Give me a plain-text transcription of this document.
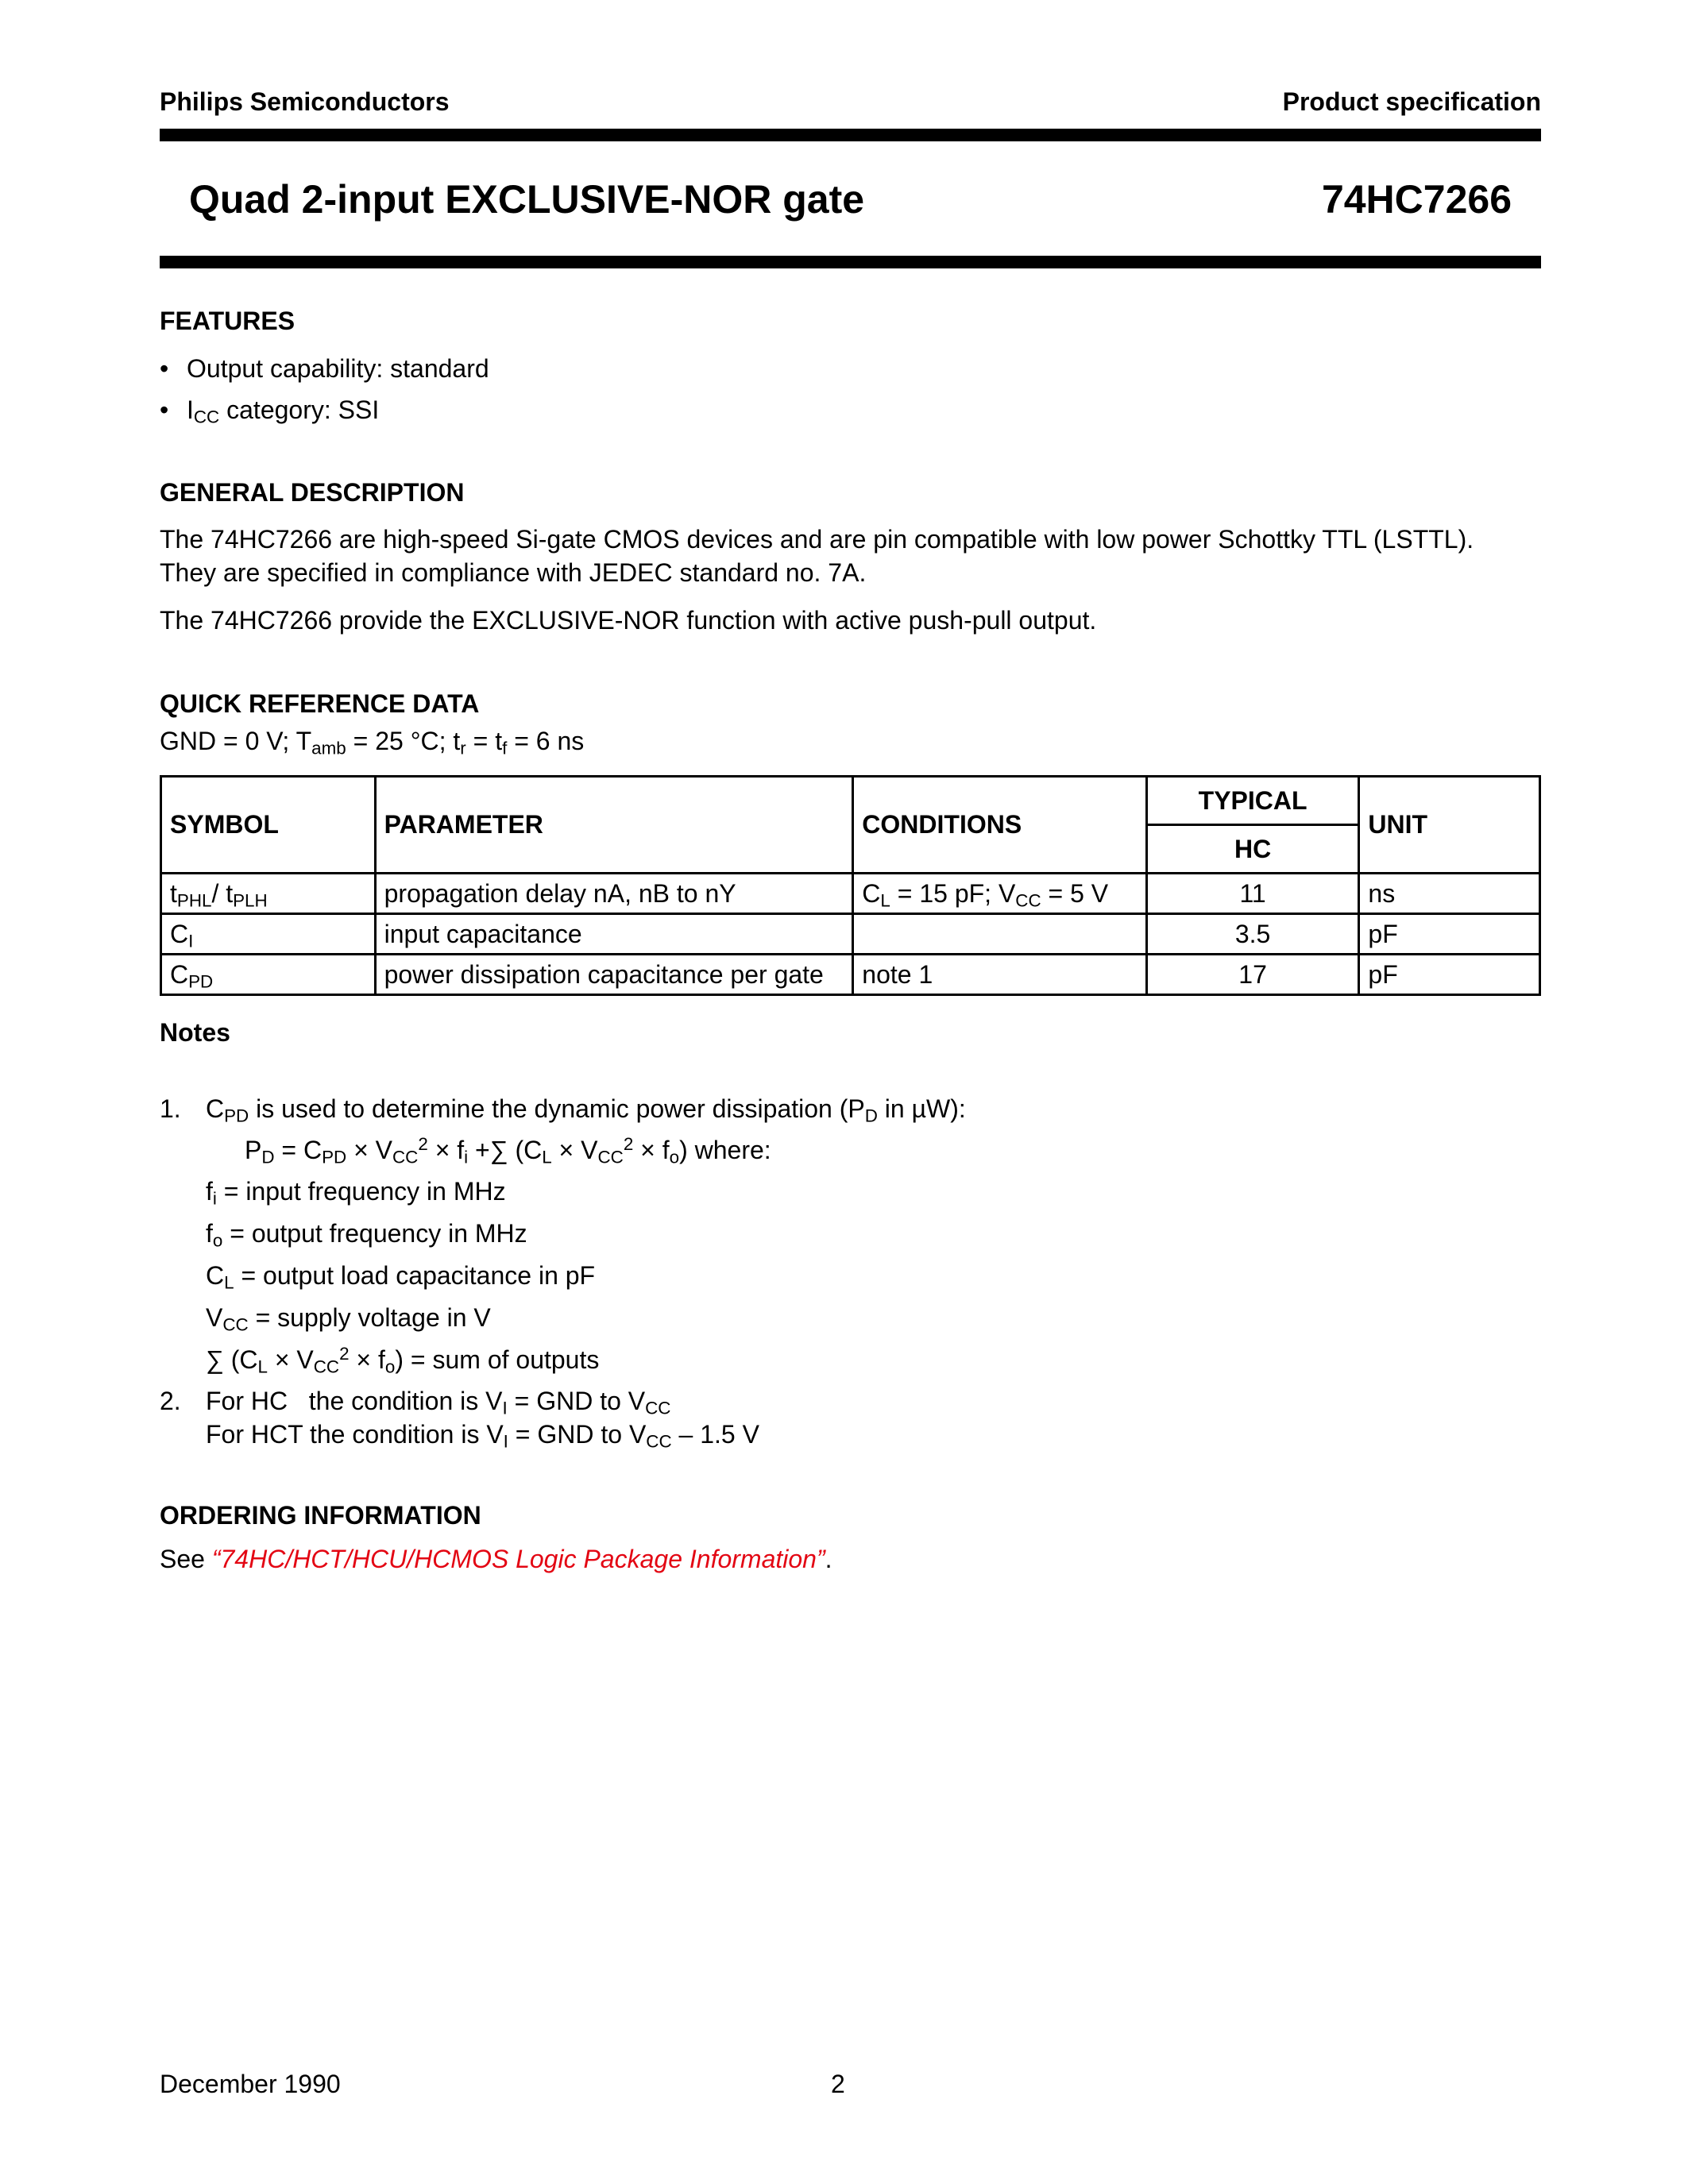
Philips Semiconductors	Product specification
Quad 2-input EXCLUSIVE-NOR gate	74HC7266
FEATURES
• Output capability: standard
• $I_{CC}$ category: SSI
GENERAL DESCRIPTION
The 74HC7266 are high-speed Si-gate CMOS devices and are pin compatible with low power Schottky TTL (LSTTL).
They are specified in compliance with JEDEC standard no. 7A.
The 74HC7266 provide the EXCLUSIVE-NOR function with active push-pull output.
QUICK REFERENCE DATA
GND = 0 V; $T_{amb} = 25$ °C; $t_r = t_f = 6$ ns
SYMBOL	PARAMETER	CONDITIONS	TYPICAL	UNIT
			HC	
$t_{PHL}/$ $t_{PLH}$	propagation delay nA, nB to nY	$C_L = 15$ pF; $V_{CC} = 5$ V	11	ns
$C_I$	input capacitance		3.5	pF
$C_{PD}$	power dissipation capacitance per gate	note 1	17	pF
Notes
1. $C_{PD}$ is used to determine the dynamic power dissipation ($P_D$ in µW):
$P_D = C_{PD} \times V_{CC}^2 \times f_i$ +∑ $(C_L \times V_{CC}^2 \times f_o)$ where:
$f_i$ = input frequency in MHz
$f_o$ = output frequency in MHz
$C_L$ = output load capacitance in pF
$V_{CC}$ = supply voltage in V
∑ $(C_L \times V_{CC}^2 \times f_o)$ = sum of outputs
2. For HC   the condition is $V_I$ = GND to $V_{CC}$
For HCT the condition is $V_I$ = GND to $V_{CC} - 1.5$ V
ORDERING INFORMATION
See “74HC/HCT/HCU/HCMOS Logic Package Information”.
December 1990	2
